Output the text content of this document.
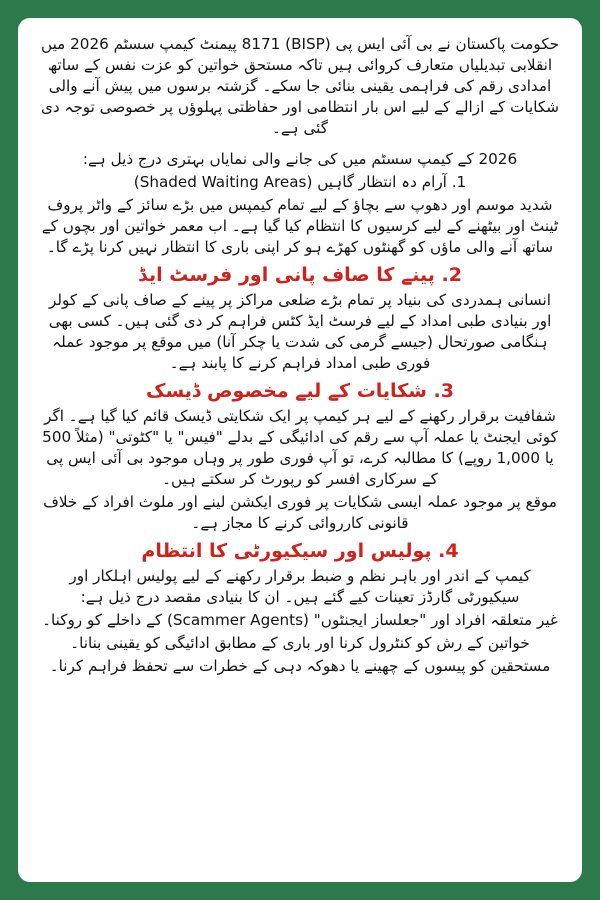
حکومت پاکستان نے بی آئی ایس پی (BISP) 8171 پیمنٹ کیمپ سسٹم 2026 میں انقلابی تبدیلیاں متعارف کروائی ہیں تاکہ مستحق خواتین کو عزت نفس کے ساتھ امدادی رقم کی فراہمی یقینی بنائی جا سکے۔ گزشتہ برسوں میں پیش آنے والی شکایات کے ازالے کے لیے اس بار انتظامی اور حفاظتی پہلوؤں پر خصوصی توجہ دی گئی ہے۔

2026 کے کیمپ سسٹم میں کی جانے والی نمایاں بہتری درج ذیل ہے:

1. آرام دہ انتظار گاہیں (Shaded Waiting Areas)

شدید موسم اور دھوپ سے بچاؤ کے لیے تمام کیمپس میں بڑے سائز کے واٹر پروف ٹینٹ اور بیٹھنے کے لیے کرسیوں کا انتظام کیا گیا ہے۔ اب معمر خواتین اور بچوں کے ساتھ آنے والی ماؤں کو گھنٹوں کھڑے ہو کر اپنی باری کا انتظار نہیں کرنا پڑے گا۔

2. پینے کا صاف پانی اور فرسٹ ایڈ

انسانی ہمدردی کی بنیاد پر تمام بڑے ضلعی مراکز پر پینے کے صاف پانی کے کولر اور بنیادی طبی امداد کے لیے فرسٹ ایڈ کٹس فراہم کر دی گئی ہیں۔ کسی بھی ہنگامی صورتحال (جیسے گرمی کی شدت یا چکر آنا) میں موقع پر موجود عملہ فوری طبی امداد فراہم کرنے کا پابند ہے۔

3. شکایات کے لیے مخصوص ڈیسک

شفافیت برقرار رکھنے کے لیے ہر کیمپ پر ایک شکایتی ڈیسک قائم کیا گیا ہے۔ اگر کوئی ایجنٹ یا عملہ آپ سے رقم کی ادائیگی کے بدلے "فیس" یا "کٹوتی" (مثلاً 500 یا 1,000 روپے) کا مطالبہ کرے، تو آپ فوری طور پر وہاں موجود بی آئی ایس پی کے سرکاری افسر کو رپورٹ کر سکتے ہیں۔

موقع پر موجود عملہ ایسی شکایات پر فوری ایکشن لینے اور ملوث افراد کے خلاف قانونی کارروائی کرنے کا مجاز ہے۔

4. پولیس اور سیکیورٹی کا انتظام

کیمپ کے اندر اور باہر نظم و ضبط برقرار رکھنے کے لیے پولیس اہلکار اور سیکیورٹی گارڈز تعینات کیے گئے ہیں۔ ان کا بنیادی مقصد درج ذیل ہے:

غیر متعلقہ افراد اور "جعلساز ایجنٹوں" (Scammer Agents) کے داخلے کو روکنا۔

خواتین کے رش کو کنٹرول کرنا اور باری کے مطابق ادائیگی کو یقینی بنانا۔

مستحقین کو پیسوں کے چھینے یا دھوکہ دہی کے خطرات سے تحفظ فراہم کرنا۔
